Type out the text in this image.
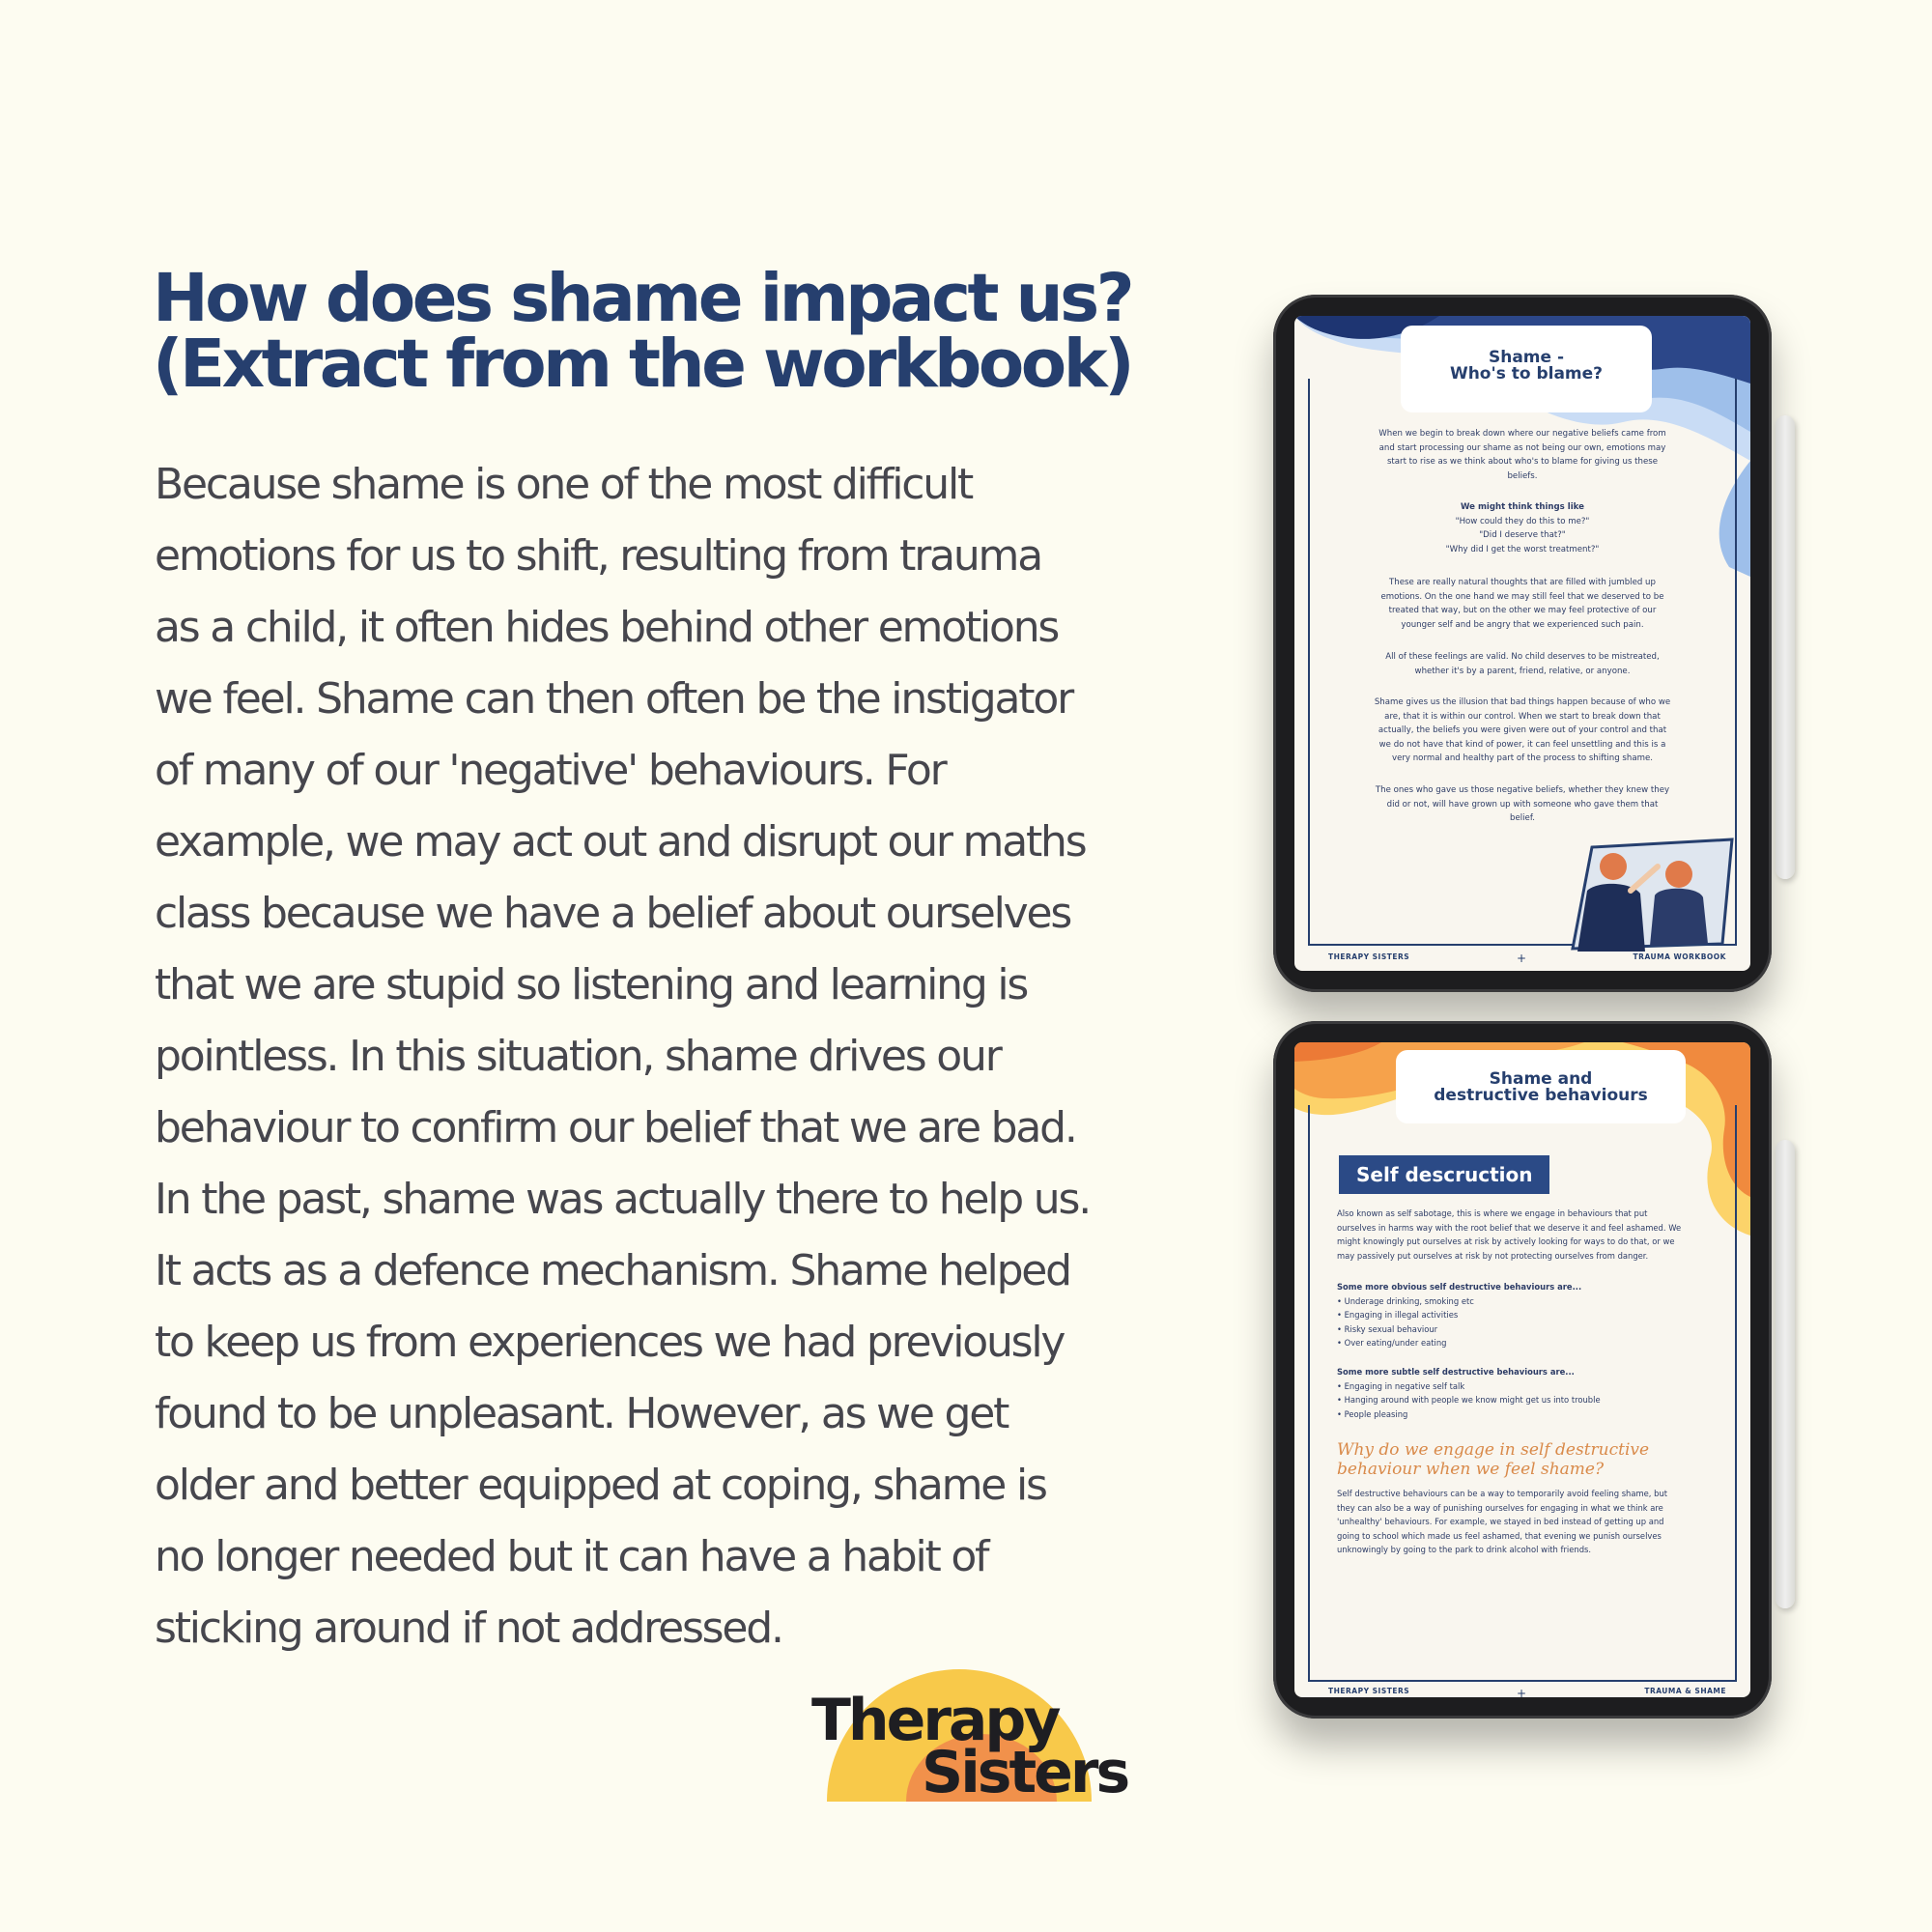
How does shame impact us?
(Extract from the workbook)

Because shame is one of the most difficult
emotions for us to shift, resulting from trauma
as a child, it often hides behind other emotions
we feel. Shame can then often be the instigator
of many of our 'negative' behaviours. For
example, we may act out and disrupt our maths
class because we have a belief about ourselves
that we are stupid so listening and learning is
pointless. In this situation, shame drives our
behaviour to confirm our belief that we are bad.
In the past, shame was actually there to help us.
It acts as a defence mechanism. Shame helped
to keep us from experiences we had previously
found to be unpleasant. However, as we get
older and better equipped at coping, shame is
no longer needed but it can have a habit of
sticking around if not addressed.

Therapy
Sisters
Shame -
Who's to blame?
When we begin to break down where our negative beliefs came from
and start processing our shame as not being our own, emotions may
start to rise as we think about who's to blame for giving us these
beliefs.
We might think things like
"How could they do this to me?"
"Did I deserve that?"
"Why did I get the worst treatment?"
These are really natural thoughts that are filled with jumbled up
emotions. On the one hand we may still feel that we deserved to be
treated that way, but on the other we may feel protective of our
younger self and be angry that we experienced such pain.
All of these feelings are valid. No child deserves to be mistreated,
whether it's by a parent, friend, relative, or anyone.
Shame gives us the illusion that bad things happen because of who we
are, that it is within our control. When we start to break down that
actually, the beliefs you were given were out of your control and that
we do not have that kind of power, it can feel unsettling and this is a
very normal and healthy part of the process to shifting shame.
The ones who gave us those negative beliefs, whether they knew they
did or not, will have grown up with someone who gave them that
belief.
THERAPY SISTERS	+	TRAUMA WORKBOOK
Shame and
destructive behaviours
Self descruction
Also known as self sabotage, this is where we engage in behaviours that put
ourselves in harms way with the root belief that we deserve it and feel ashamed. We
might knowingly put ourselves at risk by actively looking for ways to do that, or we
may passively put ourselves at risk by not protecting ourselves from danger.
Some more obvious self destructive behaviours are...
• Underage drinking, smoking etc
• Engaging in illegal activities
• Risky sexual behaviour
• Over eating/under eating
Some more subtle self destructive behaviours are...
• Engaging in negative self talk
• Hanging around with people we know might get us into trouble
• People pleasing
Why do we engage in self destructive
behaviour when we feel shame?
Self destructive behaviours can be a way to temporarily avoid feeling shame, but
they can also be a way of punishing ourselves for engaging in what we think are
'unhealthy' behaviours. For example, we stayed in bed instead of getting up and
going to school which made us feel ashamed, that evening we punish ourselves
unknowingly by going to the park to drink alcohol with friends.
THERAPY SISTERS	+	TRAUMA & SHAME
